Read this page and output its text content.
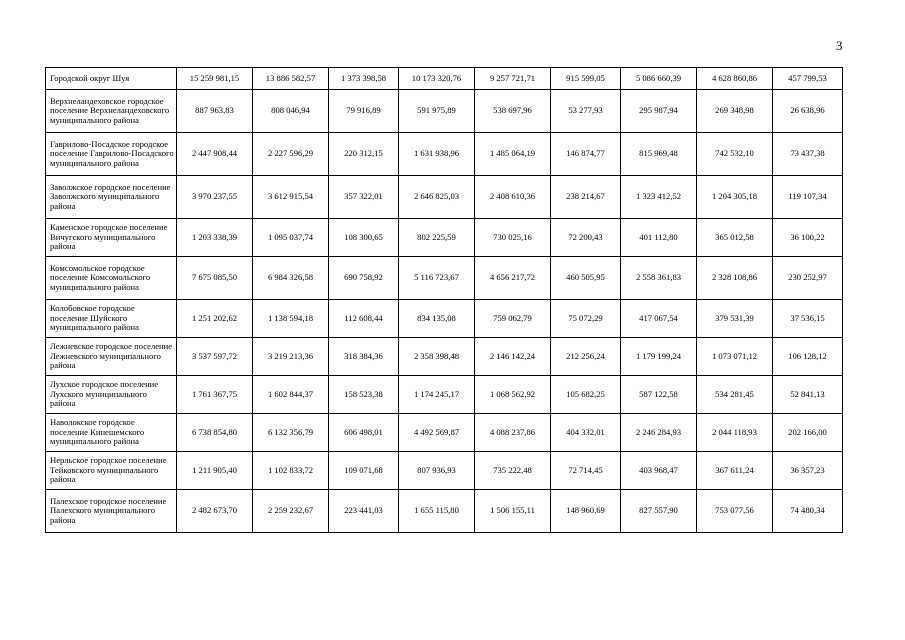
3
Городской округ Шуя	15 259 981,15	13 886 582,57	1 373 398,58	10 173 320,76	9 257 721,71	915 599,05	5 086 660,39	4 628 860,86	457 799,53
Верхнеландеховское городское поселение Верхнеландеховского муниципального района	887 963,83	808 046,94	79 916,89	591 975,89	538 697,96	53 277,93	295 987,94	269 348,98	26 638,96
Гаврилово-Посадское городское поселение Гаврилово-Посадского муниципального района	2 447 908,44	2 227 596,29	220 312,15	1 631 938,96	1 485 064,19	146 874,77	815 969,48	742 532,10	73 437,38
Заволжское городское поселение Заволжского муниципального района	3 970 237,55	3 612 915,54	357 322,01	2 646 825,03	2 408 610,36	238 214,67	1 323 412,52	1 204 305,18	119 107,34
Каменское городское поселение Вичугского муниципального района	1 203 338,39	1 095 037,74	108 300,65	802 225,59	730 025,16	72 200,43	401 112,80	365 012,58	36 100,22
Комсомольское городское поселение Комсомольского муниципального района	7 675 085,50	6 984 326,58	690 758,92	5 116 723,67	4 656 217,72	460 505,95	2 558 361,83	2 328 108,86	230 252,97
Колобовское городское поселение Шуйского муниципального района	1 251 202,62	1 138 594,18	112 608,44	834 135,08	759 062,79	75 072,29	417 067,54	379 531,39	37 536,15
Лежневское городское поселение Лежневского муниципального района	3 537 597,72	3 219 213,36	318 384,36	2 358 398,48	2 146 142,24	212 256,24	1 179 199,24	1 073 071,12	106 128,12
Лухское городское поселение Лухского муниципального района	1 761 367,75	1 602 844,37	158 523,38	1 174 245,17	1 068 562,92	105 682,25	587 122,58	534 281,45	52 841,13
Наволокское городское поселение Кинешемского муниципального района	6 738 854,80	6 132 356,79	606 498,01	4 492 569,87	4 088 237,86	404 332,01	2 246 284,93	2 044 118,93	202 166,00
Нерльское городское поселение Тейковского муниципального района	1 211 905,40	1 102 833,72	109 071,68	807 936,93	735 222,48	72 714,45	403 968,47	367 611,24	36 357,23
Палехское городское поселение Палехского муниципального района	2 482 673,70	2 259 232,67	223 441,03	1 655 115,80	1 506 155,11	148 960,69	827 557,90	753 077,56	74 480,34
